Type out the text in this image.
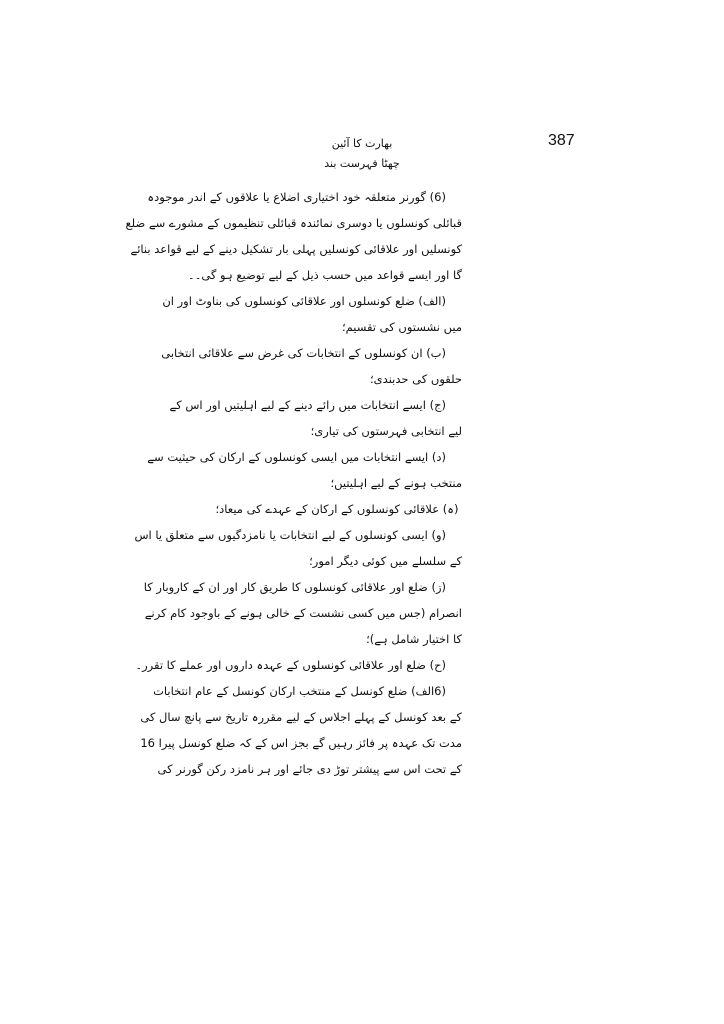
387
بھارت کا آئین
چھٹا فہرست بند
(6) گورنر متعلقہ خود اختیاری اضلاع یا علاقوں کے اندر موجودہ
قبائلی کونسلوں یا دوسری نمائندہ قبائلی تنظیموں کے مشورے سے ضلع
کونسلیں اور علاقائی کونسلیں پہلی بار تشکیل دینے کے لیے قواعد بنائے
گا اور ایسے قواعد میں حسب ذیل کے لیے توضیع ہو گی۔۔
(الف) ضلع کونسلوں اور علاقائی کونسلوں کی بناوٹ اور ان
میں نشستوں کی تقسیم؛
(ب) ان کونسلوں کے انتخابات کی غرض سے علاقائی انتخابی
حلقوں کی حدبندی؛
(ج) ایسے انتخابات میں رائے دینے کے لیے اہلیتیں اور اس کے
لیے انتخابی فہرستوں کی تیاری؛
(د) ایسے انتخابات میں ایسی کونسلوں کے ارکان کی حیثیت سے
منتخب ہونے کے لیے اہلیتیں؛
(ہ) علاقائی کونسلوں کے ارکان کے عہدے کی میعاد؛
(و) ایسی کونسلوں کے لیے انتخابات یا نامزدگیوں سے متعلق یا اس
کے سلسلے میں کوئی دیگر امور؛
(ز) ضلع اور علاقائی کونسلوں کا طریق کار اور ان کے کاروبار کا
انصرام (جس میں کسی نشست کے خالی ہونے کے باوجود کام کرنے
کا اختیار شامل ہے)؛
(ح) ضلع اور علاقائی کونسلوں کے عہدہ داروں اور عملے کا تقرر۔
(6الف) ضلع کونسل کے منتخب ارکان کونسل کے عام انتخابات
کے بعد کونسل کے پہلے اجلاس کے لیے مقررہ تاریخ سے پانچ سال کی
مدت تک عہدہ پر فائز رہیں گے بجز اس کے کہ ضلع کونسل پیرا 16
کے تحت اس سے پیشتر توڑ دی جائے اور ہر نامزد رکن گورنر کی
